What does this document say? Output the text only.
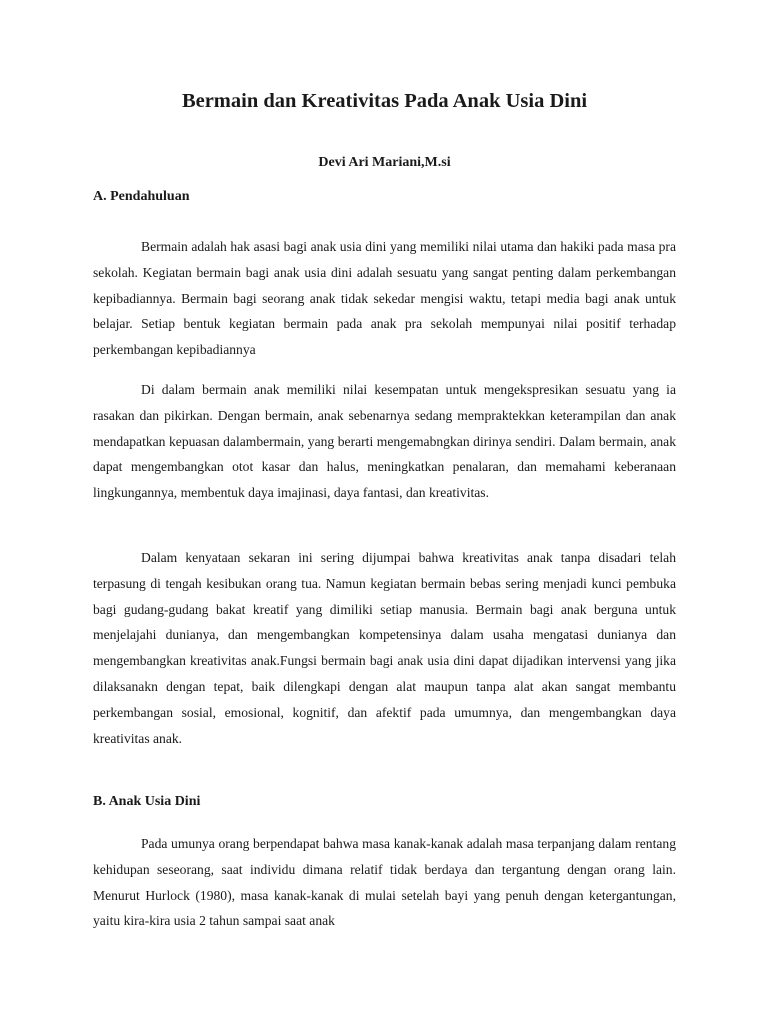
Bermain dan Kreativitas Pada Anak Usia Dini

Devi Ari Mariani,M.si

A. Pendahuluan

Bermain adalah hak asasi bagi anak usia dini yang memiliki nilai utama dan hakiki pada masa pra sekolah. Kegiatan bermain bagi anak usia dini adalah sesuatu yang sangat penting dalam perkembangan kepibadiannya. Bermain bagi seorang anak tidak sekedar mengisi waktu, tetapi media bagi anak untuk belajar. Setiap bentuk kegiatan bermain pada anak pra sekolah mempunyai nilai positif terhadap perkembangan kepibadiannya

Di dalam bermain anak memiliki nilai kesempatan untuk mengekspresikan sesuatu yang ia rasakan dan pikirkan. Dengan bermain, anak sebenarnya sedang mempraktekkan keterampilan dan anak mendapatkan kepuasan dalambermain, yang berarti mengemabngkan dirinya sendiri. Dalam bermain, anak dapat mengembangkan otot kasar dan halus, meningkatkan penalaran, dan memahami keberanaan lingkungannya, membentuk daya imajinasi, daya fantasi, dan kreativitas.

Dalam kenyataan sekaran ini sering dijumpai bahwa kreativitas anak tanpa disadari telah terpasung di tengah kesibukan orang tua. Namun kegiatan bermain bebas sering menjadi kunci pembuka bagi gudang-gudang bakat kreatif yang dimiliki setiap manusia. Bermain bagi anak berguna untuk menjelajahi dunianya, dan mengembangkan kompetensinya dalam usaha mengatasi dunianya dan mengembangkan kreativitas anak.Fungsi bermain bagi anak usia dini dapat dijadikan intervensi yang jika dilaksanakn dengan tepat, baik dilengkapi dengan alat maupun tanpa alat akan sangat membantu perkembangan sosial, emosional, kognitif, dan afektif pada umumnya, dan mengembangkan daya kreativitas anak.

B. Anak Usia Dini

Pada umunya orang berpendapat bahwa masa kanak-kanak adalah masa terpanjang dalam rentang kehidupan seseorang, saat individu dimana relatif tidak berdaya dan tergantung dengan orang lain. Menurut Hurlock (1980), masa kanak-kanak di mulai setelah bayi yang penuh dengan ketergantungan, yaitu kira-kira usia 2 tahun sampai saat anak
